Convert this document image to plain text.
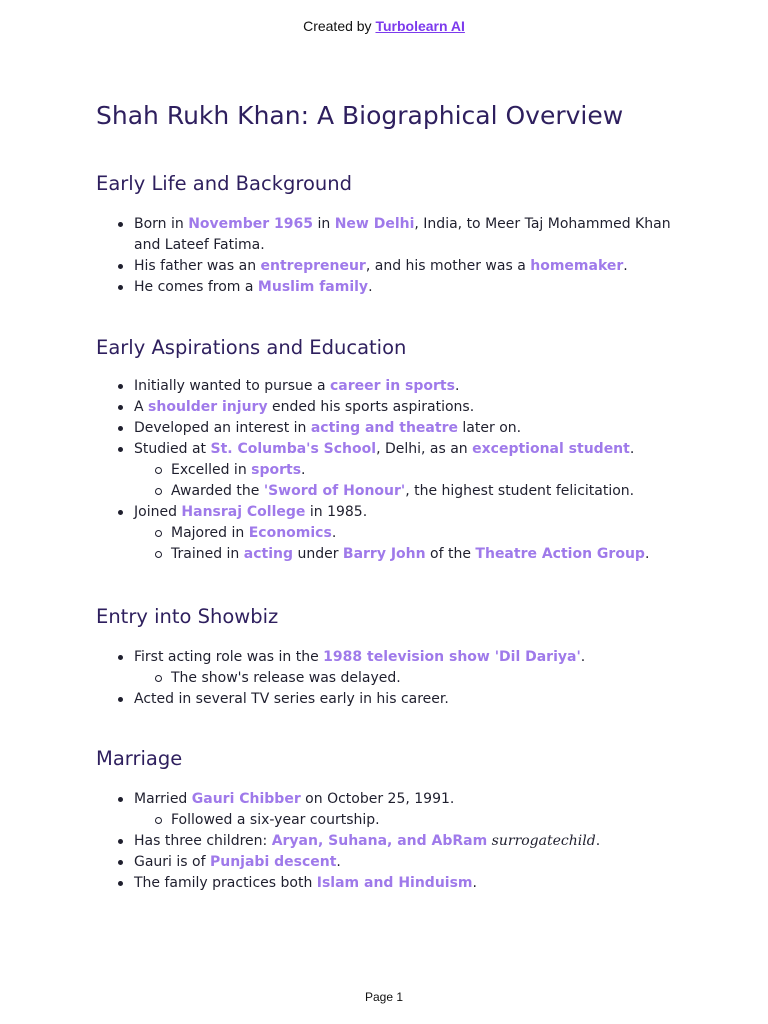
Created by Turbolearn AI
Shah Rukh Khan: A Biographical Overview
Early Life and Background
Born in November 1965 in New Delhi, India, to Meer Taj Mohammed Khan and Lateef Fatima.
His father was an entrepreneur, and his mother was a homemaker.
He comes from a Muslim family.
Early Aspirations and Education
Initially wanted to pursue a career in sports.
A shoulder injury ended his sports aspirations.
Developed an interest in acting and theatre later on.
Studied at St. Columba's School, Delhi, as an exceptional student.
Excelled in sports.
Awarded the 'Sword of Honour', the highest student felicitation.
Joined Hansraj College in 1985.
Majored in Economics.
Trained in acting under Barry John of the Theatre Action Group.
Entry into Showbiz
First acting role was in the 1988 television show 'Dil Dariya'.
The show's release was delayed.
Acted in several TV series early in his career.
Marriage
Married Gauri Chibber on October 25, 1991.
Followed a six-year courtship.
Has three children: Aryan, Suhana, and AbRam surrogatechild.
Gauri is of Punjabi descent.
The family practices both Islam and Hinduism.
Page 1
